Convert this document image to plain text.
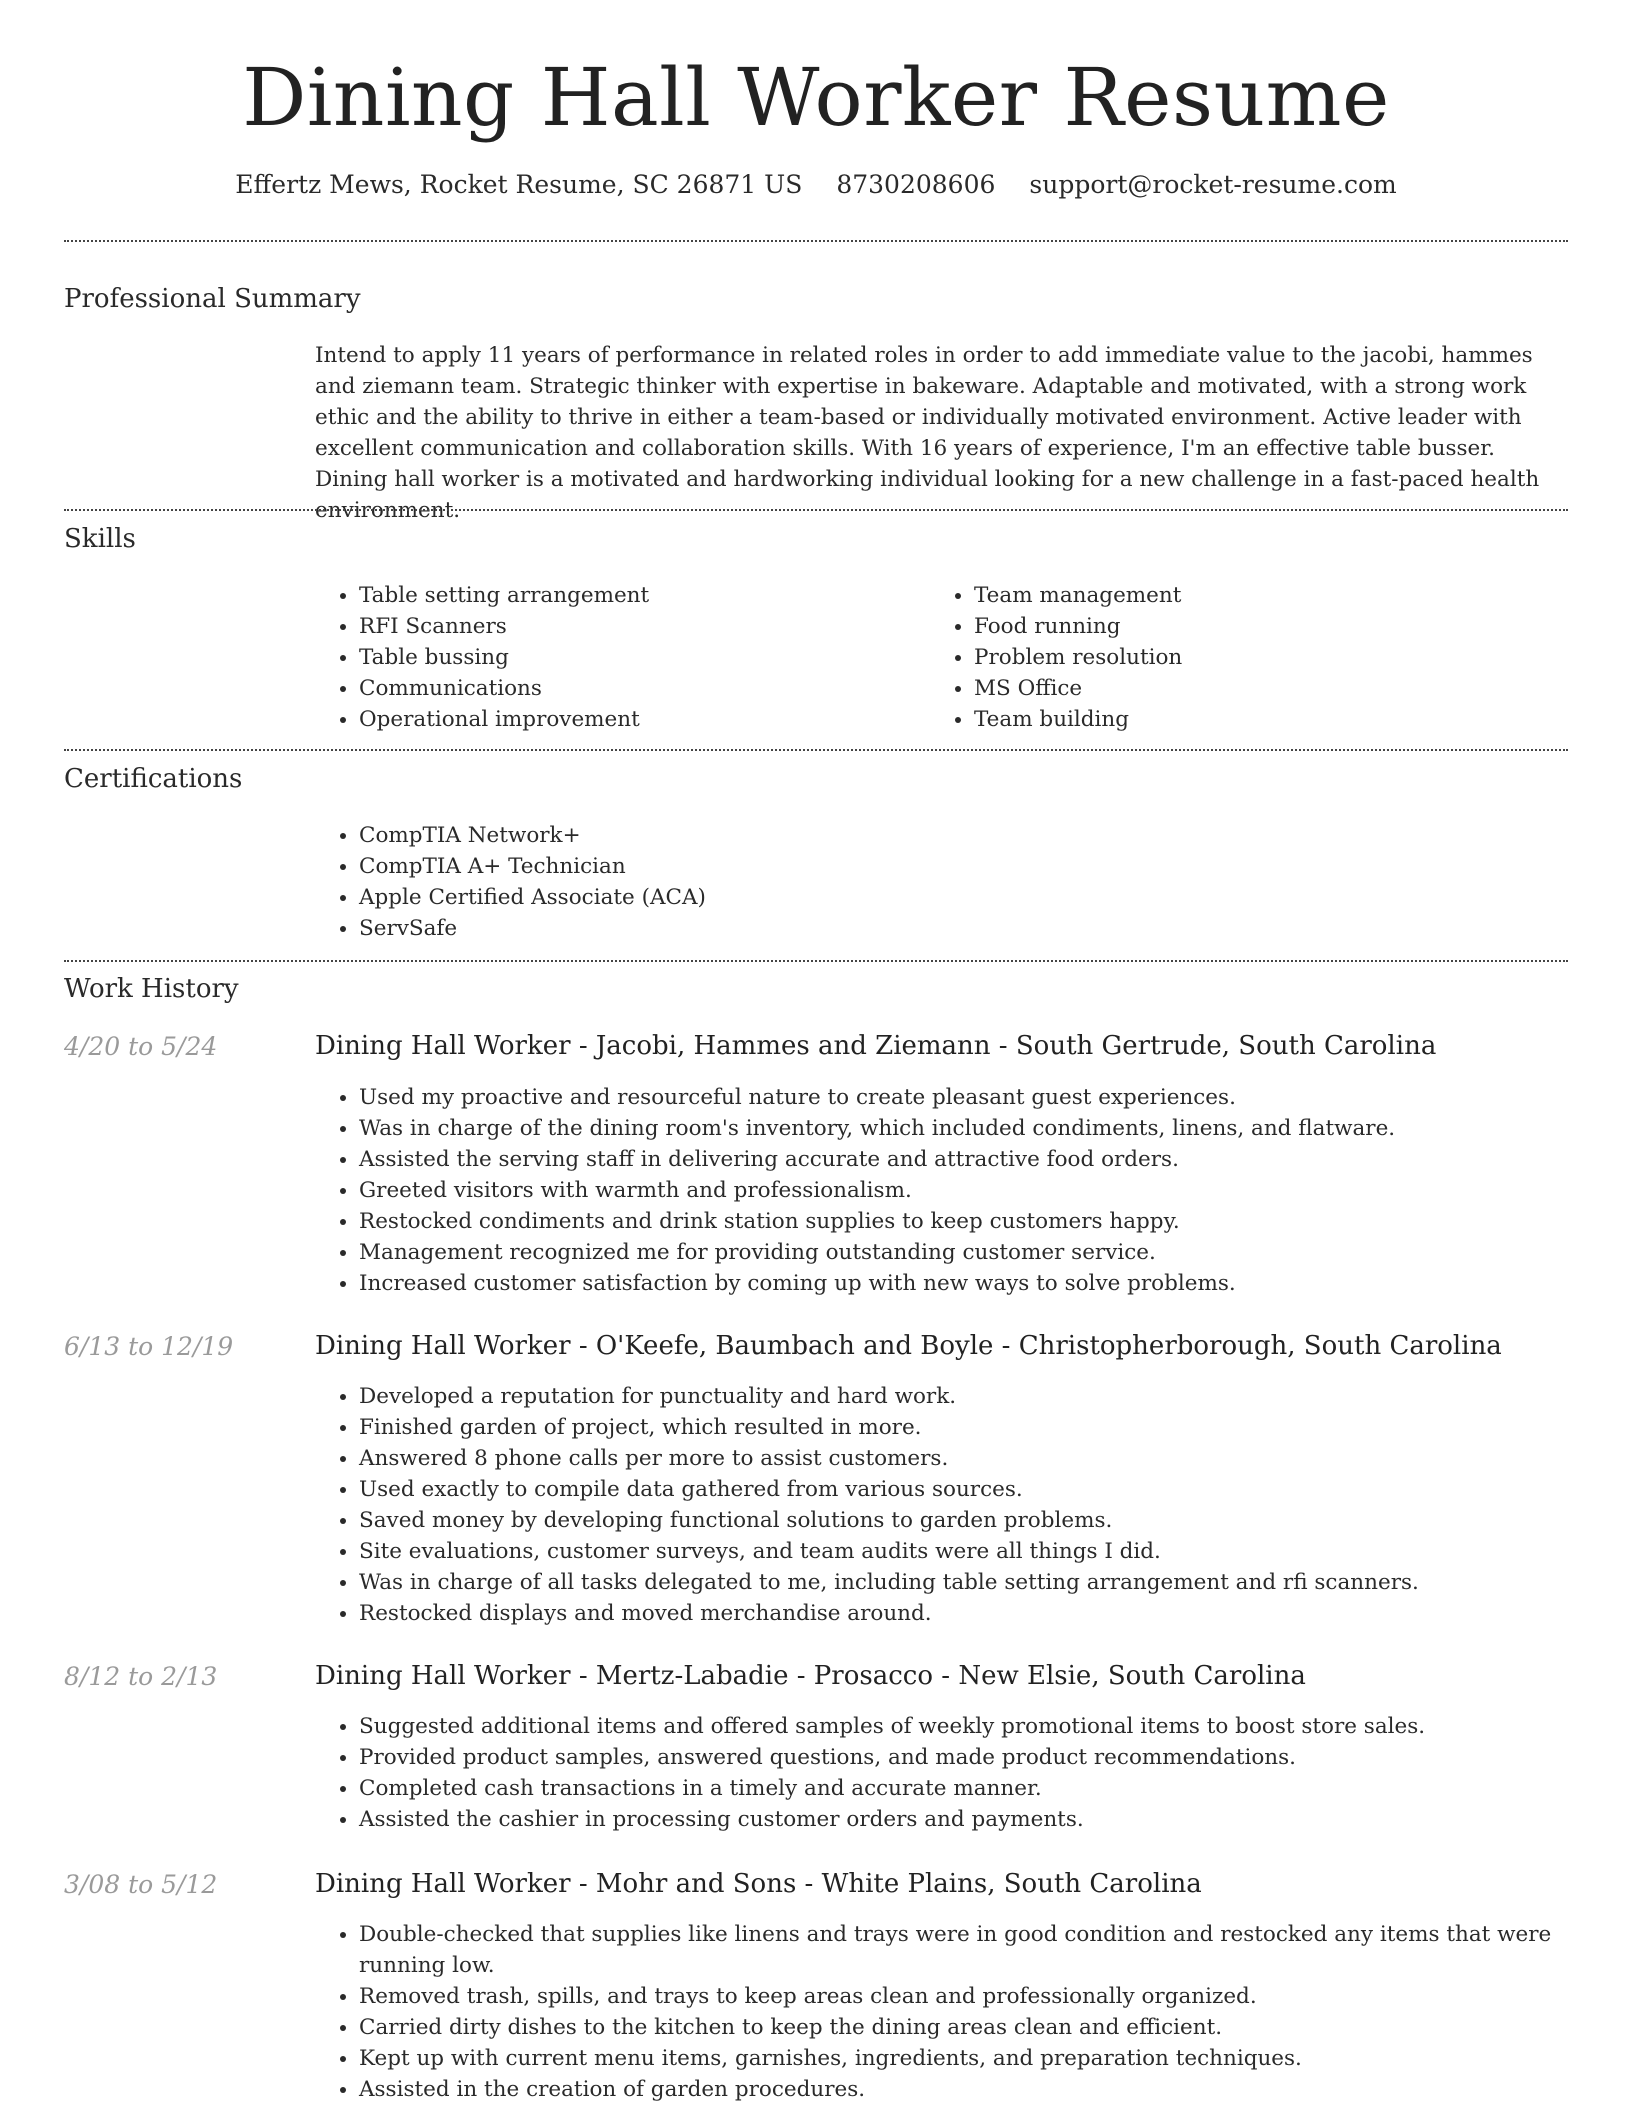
Dining Hall Worker Resume
Effertz Mews, Rocket Resume, SC 26871 US 8730208606 support@rocket-resume.com
Professional Summary

Intend to apply 11 years of performance in related roles in order to add immediate value to the jacobi, hammes and ziemann team. Strategic thinker with expertise in bakeware. Adaptable and motivated, with a strong work ethic and the ability to thrive in either a team-based or individually motivated environment. Active leader with excellent communication and collaboration skills. With 16 years of experience, I'm an effective table busser. Dining hall worker is a motivated and hardworking individual looking for a new challenge in a fast-paced health environment.

Skills
• Table setting arrangement
• RFI Scanners
• Table bussing
• Communications
• Operational improvement
• Team management
• Food running
• Problem resolution
• MS Office
• Team building
Certifications
• CompTIA Network+
• CompTIA A+ Technician
• Apple Certified Associate (ACA)
• ServSafe
Work History
4/20 to 5/24	Dining Hall Worker - Jacobi, Hammes and Ziemann - South Gertrude, South Carolina
• Used my proactive and resourceful nature to create pleasant guest experiences.
• Was in charge of the dining room's inventory, which included condiments, linens, and flatware.
• Assisted the serving staff in delivering accurate and attractive food orders.
• Greeted visitors with warmth and professionalism.
• Restocked condiments and drink station supplies to keep customers happy.
• Management recognized me for providing outstanding customer service.
• Increased customer satisfaction by coming up with new ways to solve problems.
6/13 to 12/19	Dining Hall Worker - O'Keefe, Baumbach and Boyle - Christopherborough, South Carolina
• Developed a reputation for punctuality and hard work.
• Finished garden of project, which resulted in more.
• Answered 8 phone calls per more to assist customers.
• Used exactly to compile data gathered from various sources.
• Saved money by developing functional solutions to garden problems.
• Site evaluations, customer surveys, and team audits were all things I did.
• Was in charge of all tasks delegated to me, including table setting arrangement and rfi scanners.
• Restocked displays and moved merchandise around.
8/12 to 2/13	Dining Hall Worker - Mertz-Labadie - Prosacco - New Elsie, South Carolina
• Suggested additional items and offered samples of weekly promotional items to boost store sales.
• Provided product samples, answered questions, and made product recommendations.
• Completed cash transactions in a timely and accurate manner.
• Assisted the cashier in processing customer orders and payments.
3/08 to 5/12	Dining Hall Worker - Mohr and Sons - White Plains, South Carolina
• Double-checked that supplies like linens and trays were in good condition and restocked any items that were running low.
• Removed trash, spills, and trays to keep areas clean and professionally organized.
• Carried dirty dishes to the kitchen to keep the dining areas clean and efficient.
• Kept up with current menu items, garnishes, ingredients, and preparation techniques.
• Assisted in the creation of garden procedures.
